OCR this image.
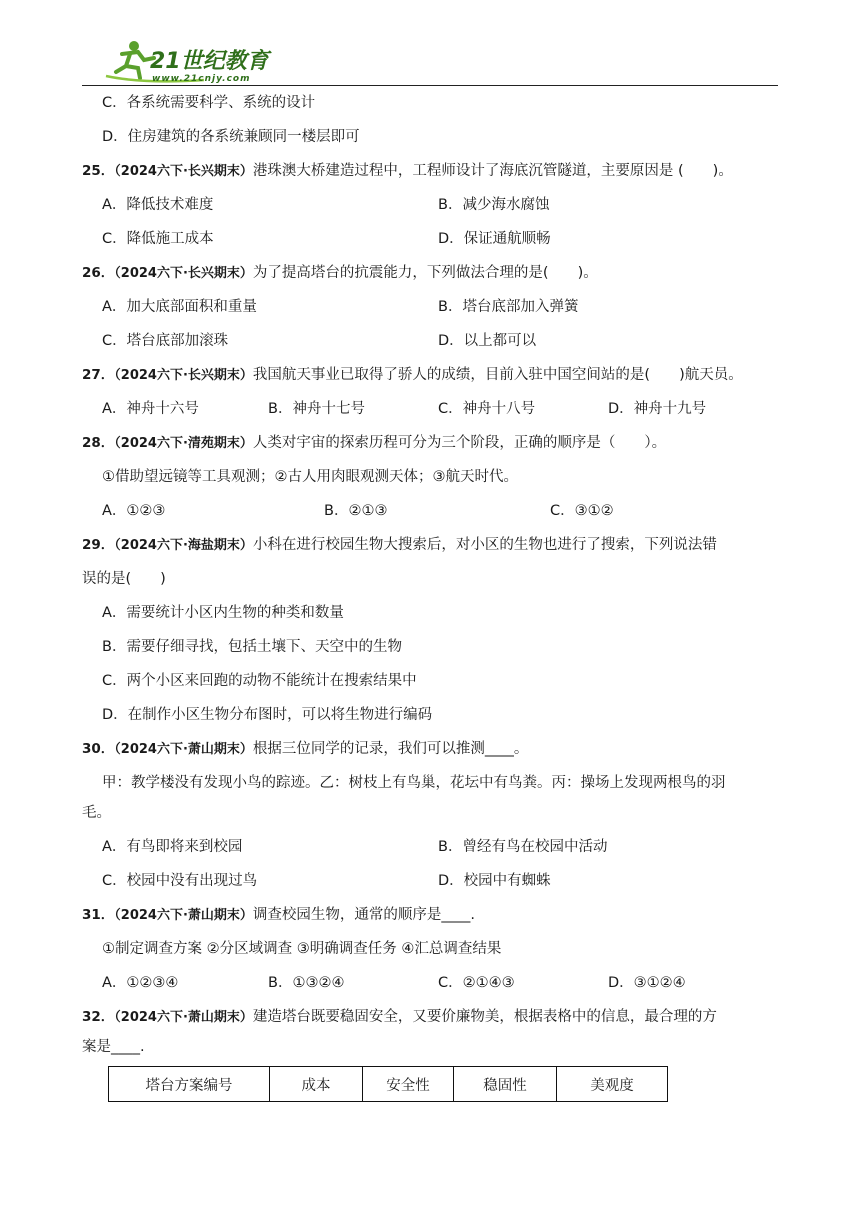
21世纪教育
www.21cnjy.com
C．各系统需要科学、系统的设计
D．住房建筑的各系统兼顾同一楼层即可
25．（2024六下·长兴期末）港珠澳大桥建造过程中，工程师设计了海底沉管隧道，主要原因是 (　　)。
A．降低技术难度	B．减少海水腐蚀
C．降低施工成本	D．保证通航顺畅
26．（2024六下·长兴期末）为了提高塔台的抗震能力，下列做法合理的是(　　)。
A．加大底部面积和重量	B．塔台底部加入弹簧
C．塔台底部加滚珠	D．以上都可以
27．（2024六下·长兴期末）我国航天事业已取得了骄人的成绩，目前入驻中国空间站的是(　　)航天员。
A．神舟十六号	B．神舟十七号	C．神舟十八号	D．神舟十九号
28．（2024六下·清苑期末）人类对宇宙的探索历程可分为三个阶段，正确的顺序是（　　）。
①借助望远镜等工具观测；②古人用肉眼观测天体；③航天时代。
A．①②③	B．②①③	C．③①②
29．（2024六下·海盐期末）小科在进行校园生物大搜索后，对小区的生物也进行了搜索，下列说法错
误的是(　　)
A．需要统计小区内生物的种类和数量
B．需要仔细寻找，包括土壤下、天空中的生物
C．两个小区来回跑的动物不能统计在搜索结果中
D．在制作小区生物分布图时，可以将生物进行编码
30．（2024六下·萧山期末）根据三位同学的记录，我们可以推测____。
甲：教学楼没有发现小鸟的踪迹。乙：树枝上有鸟巢，花坛中有鸟粪。丙：操场上发现两根鸟的羽
毛。
A．有鸟即将来到校园	B．曾经有鸟在校园中活动
C．校园中没有出现过鸟	D．校园中有蜘蛛
31．（2024六下·萧山期末）调查校园生物，通常的顺序是____.
①制定调查方案 ②分区域调查 ③明确调查任务 ④汇总调查结果
A．①②③④	B．①③②④	C．②①④③	D．③①②④
32．（2024六下·萧山期末）建造塔台既要稳固安全，又要价廉物美，根据表格中的信息，最合理的方
案是____.
塔台方案编号	成本	安全性	稳固性	美观度
